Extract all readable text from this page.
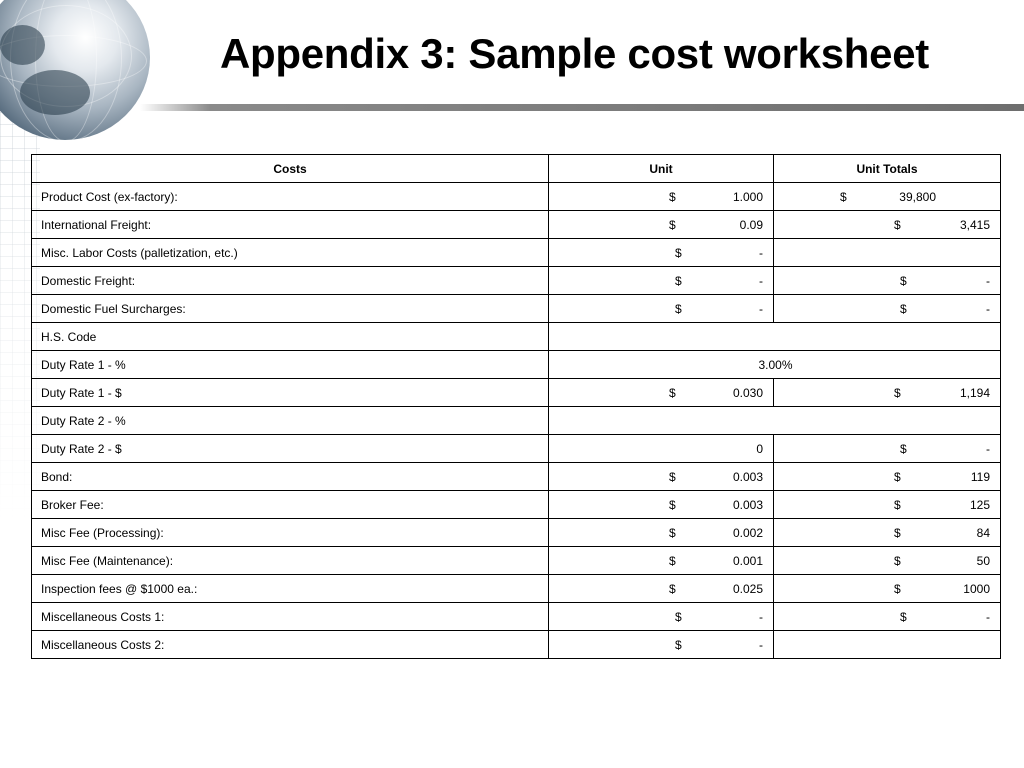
Appendix 3: Sample cost worksheet
Costs	Unit	Unit Totals
Product Cost (ex-factory):	$ 1.000	$ 39,800

International Freight:	$ 0.09	$ 3,415

Misc. Labor Costs (palletization, etc.)	$ -	

Domestic Freight:	$ -	$ -

Domestic Fuel Surcharges:	$ -	$ -

H.S. Code		
Duty Rate 1 - %	3.00%	
Duty Rate 1 - $	$ 0.030	$ 1,194

Duty Rate 2 - %		
Duty Rate 2 - $	0	$ -

Bond:	$ 0.003	$ 119

Broker Fee:	$ 0.003	$ 125

Misc Fee (Processing):	$ 0.002	$ 84

Misc Fee (Maintenance):	$ 0.001	$ 50

Inspection fees @ $1000 ea.:	$ 0.025	$ 1000

Miscellaneous Costs 1:	$ -	$ -

Miscellaneous Costs 2:	$ -	
